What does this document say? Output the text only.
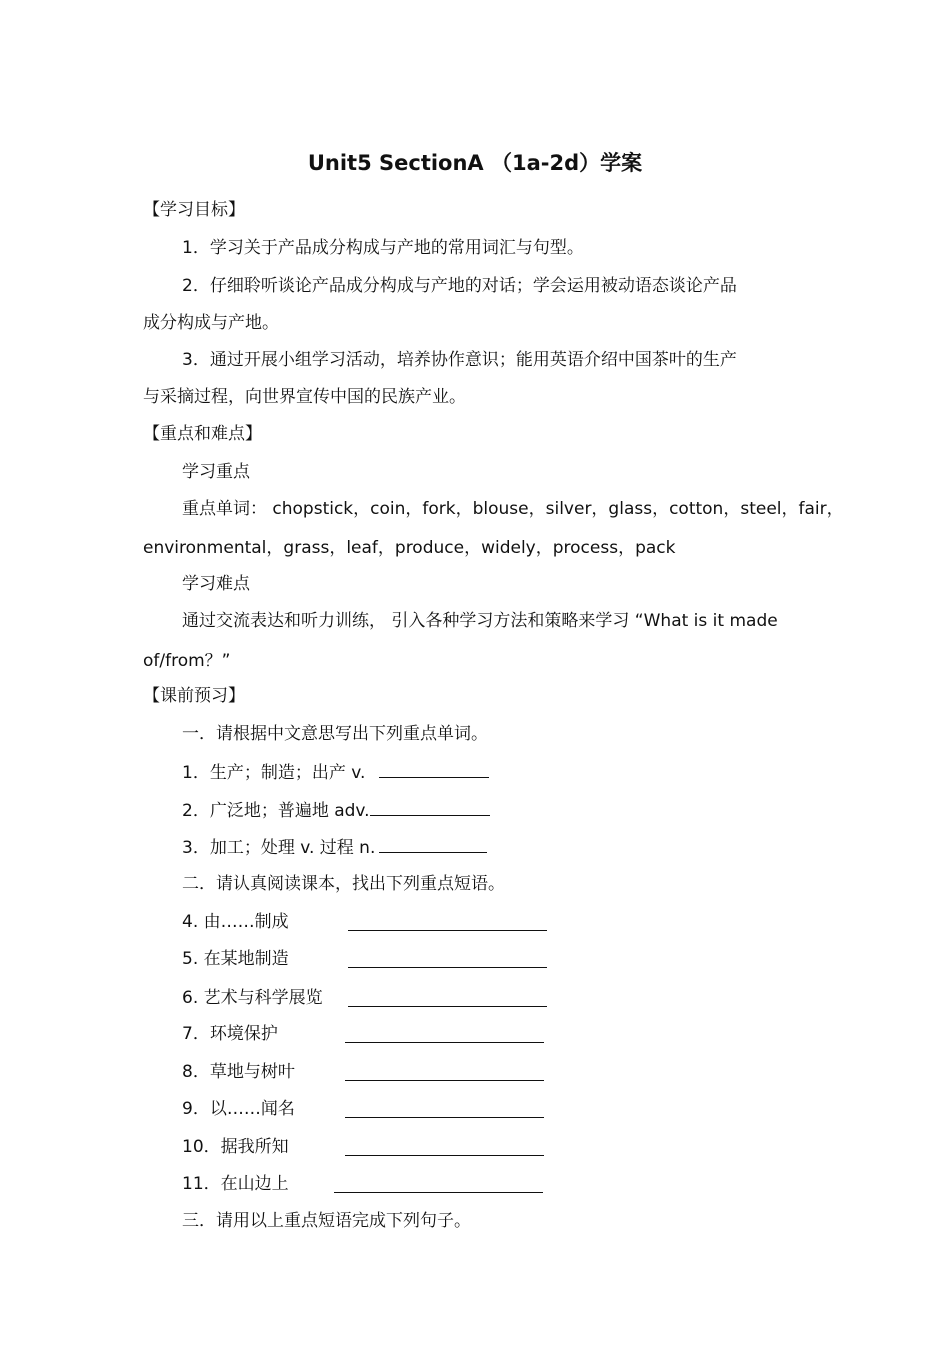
Unit5 SectionA （1a-2d）学案
【学习目标】
1．学习关于产品成分构成与产地的常用词汇与句型。
2．仔细聆听谈论产品成分构成与产地的对话；学会运用被动语态谈论产品
成分构成与产地。
3．通过开展小组学习活动，培养协作意识；能用英语介绍中国茶叶的生产
与采摘过程，向世界宣传中国的民族产业。
【重点和难点】
学习重点
重点单词： chopstick，coin，fork，blouse，silver，glass，cotton，steel，fair，
environmental，grass，leaf，produce，widely，process，pack
学习难点
通过交流表达和听力训练， 引入各种学习方法和策略来学习 “What is it made
of/from？”
【课前预习】
一．请根据中文意思写出下列重点单词。
1．生产；制造；出产 v.
2．广泛地；普遍地 adv.
3．加工；处理 v. 过程 n.
二．请认真阅读课本，找出下列重点短语。
4. 由……制成
5. 在某地制造
6. 艺术与科学展览
7．环境保护
8．草地与树叶
9．以……闻名
10．据我所知
11．在山边上
三．请用以上重点短语完成下列句子。
